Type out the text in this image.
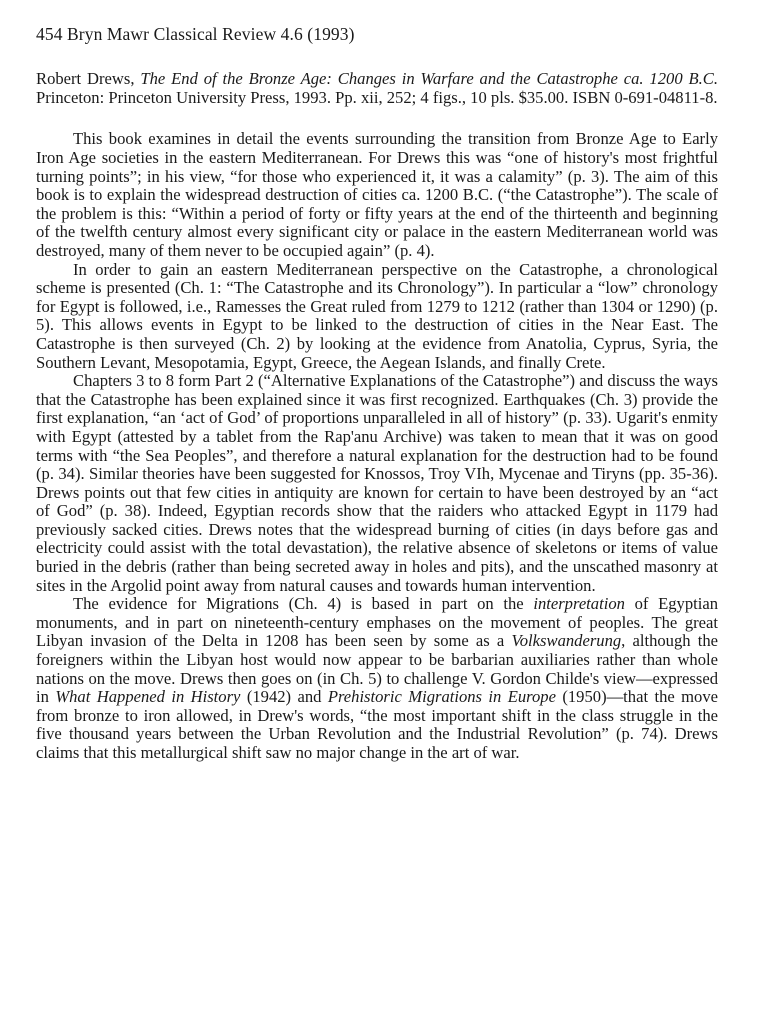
454 Bryn Mawr Classical Review 4.6 (1993)
Robert Drews, The End of the Bronze Age: Changes in Warfare and the Catastrophe ca. 1200 B.C. Princeton: Princeton University Press, 1993. Pp. xii, 252; 4 figs., 10 pls. $35.00. ISBN 0-691-04811-8.

This book examines in detail the events surrounding the transition from Bronze Age to Early Iron Age societies in the eastern Mediterranean. For Drews this was “one of history's most frightful turning points”; in his view, “for those who experienced it, it was a calamity” (p. 3). The aim of this book is to explain the widespread destruction of cities ca. 1200 B.C. (“the Catastrophe”). The scale of the problem is this: “Within a period of forty or fifty years at the end of the thirteenth and beginning of the twelfth century almost every significant city or palace in the eastern Mediterranean world was destroyed, many of them never to be occupied again” (p. 4).

In order to gain an eastern Mediterranean perspective on the Catastrophe, a chronological scheme is presented (Ch. 1: “The Catastrophe and its Chronology”). In particular a “low” chronology for Egypt is followed, i.e., Ramesses the Great ruled from 1279 to 1212 (rather than 1304 or 1290) (p. 5). This allows events in Egypt to be linked to the destruction of cities in the Near East. The Catastrophe is then surveyed (Ch. 2) by looking at the evidence from Anatolia, Cyprus, Syria, the Southern Levant, Mesopotamia, Egypt, Greece, the Aegean Islands, and finally Crete.

Chapters 3 to 8 form Part 2 (“Alternative Explanations of the Catastrophe”) and discuss the ways that the Catastrophe has been explained since it was first recognized. Earthquakes (Ch. 3) provide the first explanation, “an ‘act of God’ of proportions unparalleled in all of history” (p. 33). Ugarit's enmity with Egypt (attested by a tablet from the Rap'anu Archive) was taken to mean that it was on good terms with “the Sea Peoples”, and therefore a natural explanation for the destruction had to be found (p. 34). Similar theories have been suggested for Knossos, Troy VIh, Mycenae and Tiryns (pp. 35-36). Drews points out that few cities in antiquity are known for certain to have been destroyed by an “act of God” (p. 38). Indeed, Egyptian records show that the raiders who attacked Egypt in 1179 had previously sacked cities. Drews notes that the widespread burning of cities (in days before gas and electricity could assist with the total devastation), the relative absence of skeletons or items of value buried in the debris (rather than being secreted away in holes and pits), and the unscathed masonry at sites in the Argolid point away from natural causes and towards human intervention.

The evidence for Migrations (Ch. 4) is based in part on the interpretation of Egyptian monuments, and in part on nineteenth-century emphases on the movement of peoples. The great Libyan invasion of the Delta in 1208 has been seen by some as a Volkswanderung, although the foreigners within the Libyan host would now appear to be barbarian auxiliaries rather than whole nations on the move. Drews then goes on (in Ch. 5) to challenge V. Gordon Childe's view—expressed in What Happened in History (1942) and Prehistoric Migrations in Europe (1950)—that the move from bronze to iron allowed, in Drew's words, “the most important shift in the class struggle in the five thousand years between the Urban Revolution and the Industrial Revolution” (p. 74). Drews claims that this metallurgical shift saw no major change in the art of war.
